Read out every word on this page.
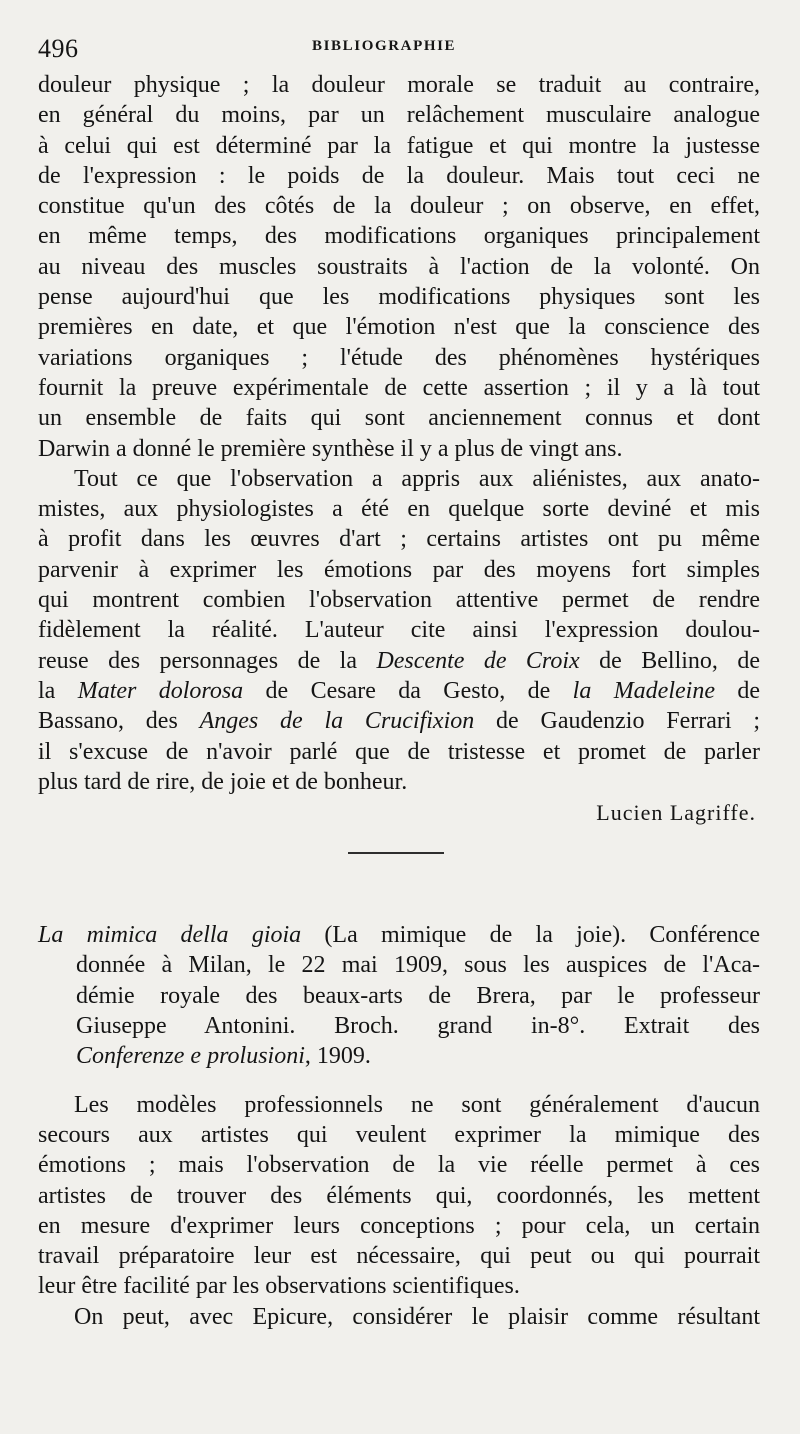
496	BIBLIOGRAPHIE
douleur physique ; la douleur morale se traduit au contraire,
en général du moins, par un relâchement musculaire analogue
à celui qui est déterminé par la fatigue et qui montre la justesse
de l'expression : le poids de la douleur. Mais tout ceci ne
constitue qu'un des côtés de la douleur ; on observe, en effet,
en même temps, des modifications organiques principalement
au niveau des muscles soustraits à l'action de la volonté. On
pense aujourd'hui que les modifications physiques sont les
premières en date, et que l'émotion n'est que la conscience des
variations organiques ; l'étude des phénomènes hystériques
fournit la preuve expérimentale de cette assertion ; il y a là tout
un ensemble de faits qui sont anciennement connus et dont
Darwin a donné le première synthèse il y a plus de vingt ans.
Tout ce que l'observation a appris aux aliénistes, aux anato-
mistes, aux physiologistes a été en quelque sorte deviné et mis
à profit dans les œuvres d'art ; certains artistes ont pu même
parvenir à exprimer les émotions par des moyens fort simples
qui montrent combien l'observation attentive permet de rendre
fidèlement la réalité. L'auteur cite ainsi l'expression doulou-
reuse des personnages de la Descente de Croix de Bellino, de
la Mater dolorosa de Cesare da Gesto, de la Madeleine de
Bassano, des Anges de la Crucifixion de Gaudenzio Ferrari ;
il s'excuse de n'avoir parlé que de tristesse et promet de parler
plus tard de rire, de joie et de bonheur.
Lucien Lagriffe.
La mimica della gioia (La mimique de la joie). Conférence
donnée à Milan, le 22 mai 1909, sous les auspices de l'Aca-
démie royale des beaux-arts de Brera, par le professeur
Giuseppe Antonini. Broch. grand in-8°. Extrait des
Conferenze e prolusioni, 1909.
Les modèles professionnels ne sont généralement d'aucun
secours aux artistes qui veulent exprimer la mimique des
émotions ; mais l'observation de la vie réelle permet à ces
artistes de trouver des éléments qui, coordonnés, les mettent
en mesure d'exprimer leurs conceptions ; pour cela, un certain
travail préparatoire leur est nécessaire, qui peut ou qui pourrait
leur être facilité par les observations scientifiques.
On peut, avec Epicure, considérer le plaisir comme résultant
